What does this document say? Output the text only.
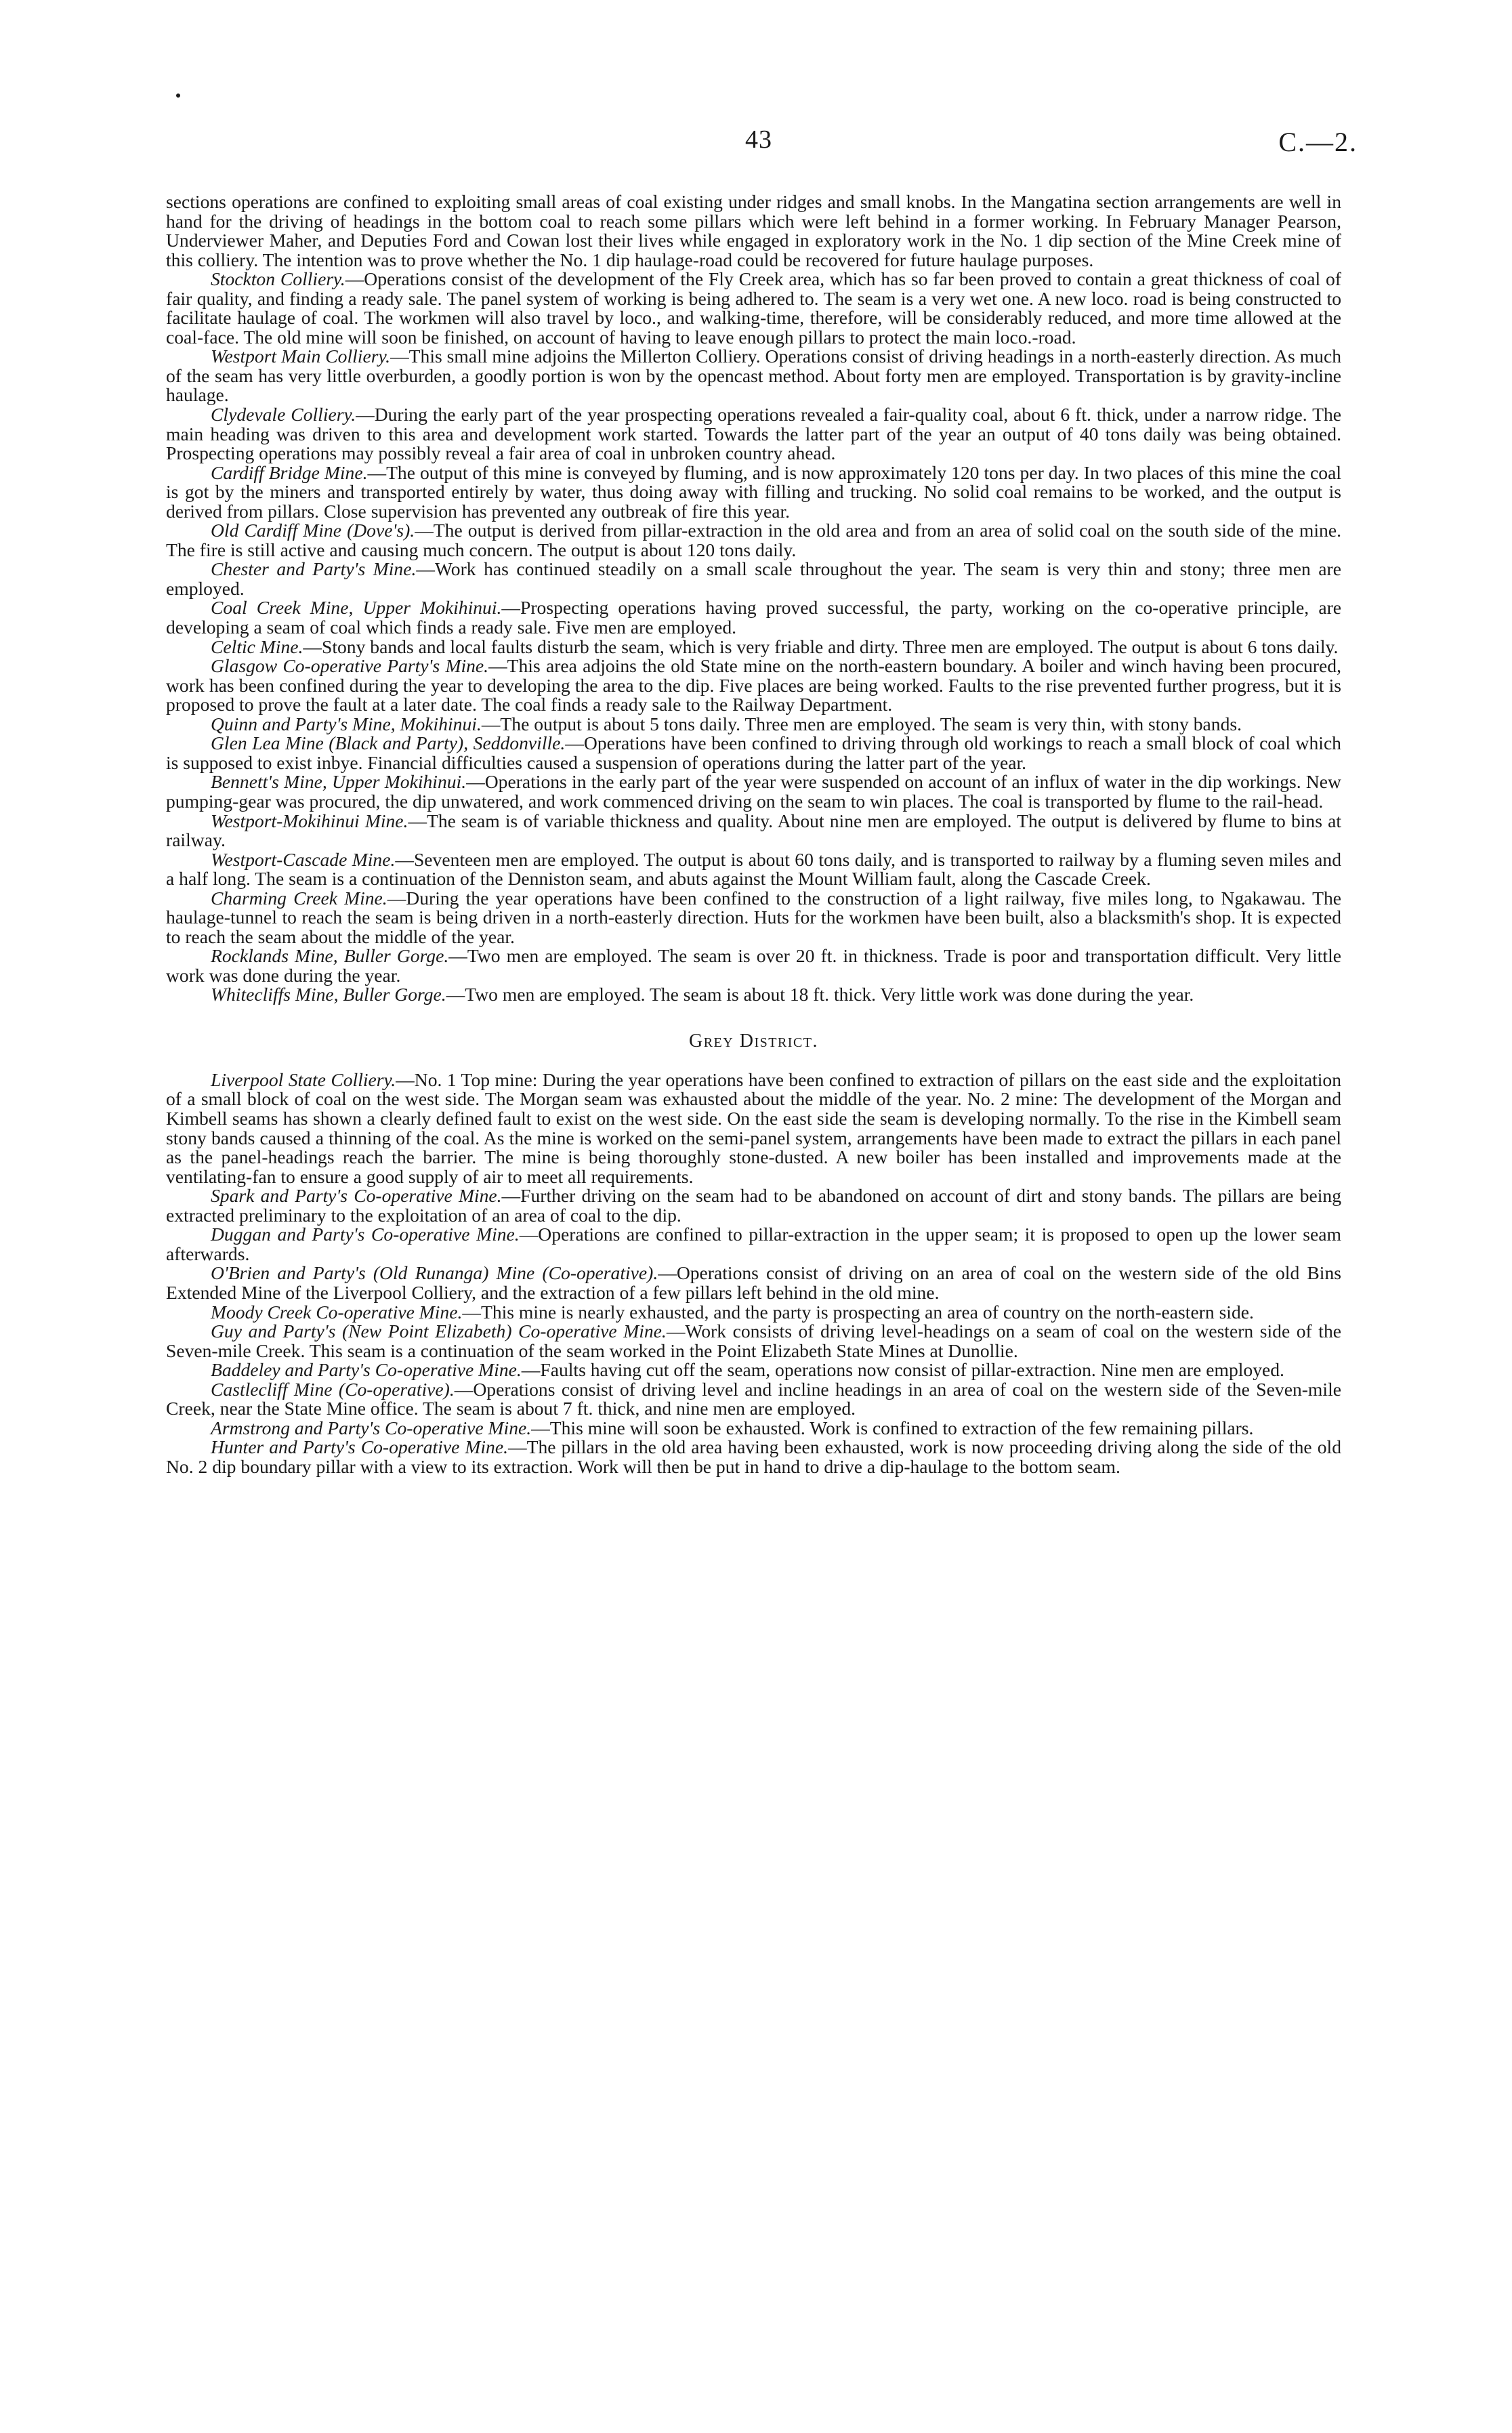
43	C.—2.

sections operations are confined to exploiting small areas of coal existing under ridges and small knobs. In the Mangatina section arrangements are well in hand for the driving of headings in the bottom coal to reach some pillars which were left behind in a former working. In February Manager Pearson, Underviewer Maher, and Deputies Ford and Cowan lost their lives while engaged in exploratory work in the No. 1 dip section of the Mine Creek mine of this colliery. The intention was to prove whether the No. 1 dip haulage-road could be recovered for future haulage purposes.

Stockton Colliery.—Operations consist of the development of the Fly Creek area, which has so far been proved to contain a great thickness of coal of fair quality, and finding a ready sale. The panel system of working is being adhered to. The seam is a very wet one. A new loco. road is being constructed to facilitate haulage of coal. The workmen will also travel by loco., and walking-time, therefore, will be considerably reduced, and more time allowed at the coal-face. The old mine will soon be finished, on account of having to leave enough pillars to protect the main loco.-road.

Westport Main Colliery.—This small mine adjoins the Millerton Colliery. Operations consist of driving headings in a north-easterly direction. As much of the seam has very little overburden, a goodly portion is won by the opencast method. About forty men are employed. Transportation is by gravity-incline haulage.

Clydevale Colliery.—During the early part of the year prospecting operations revealed a fair-quality coal, about 6 ft. thick, under a narrow ridge. The main heading was driven to this area and development work started. Towards the latter part of the year an output of 40 tons daily was being obtained. Prospecting operations may possibly reveal a fair area of coal in unbroken country ahead.

Cardiff Bridge Mine.—The output of this mine is conveyed by fluming, and is now approximately 120 tons per day. In two places of this mine the coal is got by the miners and transported entirely by water, thus doing away with filling and trucking. No solid coal remains to be worked, and the output is derived from pillars. Close supervision has prevented any outbreak of fire this year.

Old Cardiff Mine (Dove's).—The output is derived from pillar-extraction in the old area and from an area of solid coal on the south side of the mine. The fire is still active and causing much concern. The output is about 120 tons daily.

Chester and Party's Mine.—Work has continued steadily on a small scale throughout the year. The seam is very thin and stony; three men are employed.

Coal Creek Mine, Upper Mokihinui.—Prospecting operations having proved successful, the party, working on the co-operative principle, are developing a seam of coal which finds a ready sale. Five men are employed.

Celtic Mine.—Stony bands and local faults disturb the seam, which is very friable and dirty. Three men are employed. The output is about 6 tons daily.

Glasgow Co-operative Party's Mine.—This area adjoins the old State mine on the north-eastern boundary. A boiler and winch having been procured, work has been confined during the year to developing the area to the dip. Five places are being worked. Faults to the rise prevented further progress, but it is proposed to prove the fault at a later date. The coal finds a ready sale to the Railway Department.

Quinn and Party's Mine, Mokihinui.—The output is about 5 tons daily. Three men are employed. The seam is very thin, with stony bands.

Glen Lea Mine (Black and Party), Seddonville.—Operations have been confined to driving through old workings to reach a small block of coal which is supposed to exist inbye. Financial difficulties caused a suspension of operations during the latter part of the year.

Bennett's Mine, Upper Mokihinui.—Operations in the early part of the year were suspended on account of an influx of water in the dip workings. New pumping-gear was procured, the dip unwatered, and work commenced driving on the seam to win places. The coal is transported by flume to the rail-head.

Westport-Mokihinui Mine.—The seam is of variable thickness and quality. About nine men are employed. The output is delivered by flume to bins at railway.

Westport-Cascade Mine.—Seventeen men are employed. The output is about 60 tons daily, and is transported to railway by a fluming seven miles and a half long. The seam is a continuation of the Denniston seam, and abuts against the Mount William fault, along the Cascade Creek.

Charming Creek Mine.—During the year operations have been confined to the construction of a light railway, five miles long, to Ngakawau. The haulage-tunnel to reach the seam is being driven in a north-easterly direction. Huts for the workmen have been built, also a blacksmith's shop. It is expected to reach the seam about the middle of the year.

Rocklands Mine, Buller Gorge.—Two men are employed. The seam is over 20 ft. in thickness. Trade is poor and transportation difficult. Very little work was done during the year.

Whitecliffs Mine, Buller Gorge.—Two men are employed. The seam is about 18 ft. thick. Very little work was done during the year.

Grey District.

Liverpool State Colliery.—No. 1 Top mine: During the year operations have been confined to extraction of pillars on the east side and the exploitation of a small block of coal on the west side. The Morgan seam was exhausted about the middle of the year. No. 2 mine: The development of the Morgan and Kimbell seams has shown a clearly defined fault to exist on the west side. On the east side the seam is developing normally. To the rise in the Kimbell seam stony bands caused a thinning of the coal. As the mine is worked on the semi-panel system, arrangements have been made to extract the pillars in each panel as the panel-headings reach the barrier. The mine is being thoroughly stone-dusted. A new boiler has been installed and improvements made at the ventilating-fan to ensure a good supply of air to meet all requirements.

Spark and Party's Co-operative Mine.—Further driving on the seam had to be abandoned on account of dirt and stony bands. The pillars are being extracted preliminary to the exploitation of an area of coal to the dip.

Duggan and Party's Co-operative Mine.—Operations are confined to pillar-extraction in the upper seam; it is proposed to open up the lower seam afterwards.

O'Brien and Party's (Old Runanga) Mine (Co-operative).—Operations consist of driving on an area of coal on the western side of the old Bins Extended Mine of the Liverpool Colliery, and the extraction of a few pillars left behind in the old mine.

Moody Creek Co-operative Mine.—This mine is nearly exhausted, and the party is prospecting an area of country on the north-eastern side.

Guy and Party's (New Point Elizabeth) Co-operative Mine.—Work consists of driving level-headings on a seam of coal on the western side of the Seven-mile Creek. This seam is a continuation of the seam worked in the Point Elizabeth State Mines at Dunollie.

Baddeley and Party's Co-operative Mine.—Faults having cut off the seam, operations now consist of pillar-extraction. Nine men are employed.

Castlecliff Mine (Co-operative).—Operations consist of driving level and incline headings in an area of coal on the western side of the Seven-mile Creek, near the State Mine office. The seam is about 7 ft. thick, and nine men are employed.

Armstrong and Party's Co-operative Mine.—This mine will soon be exhausted. Work is confined to extraction of the few remaining pillars.

Hunter and Party's Co-operative Mine.—The pillars in the old area having been exhausted, work is now proceeding driving along the side of the old No. 2 dip boundary pillar with a view to its extraction. Work will then be put in hand to drive a dip-haulage to the bottom seam.
